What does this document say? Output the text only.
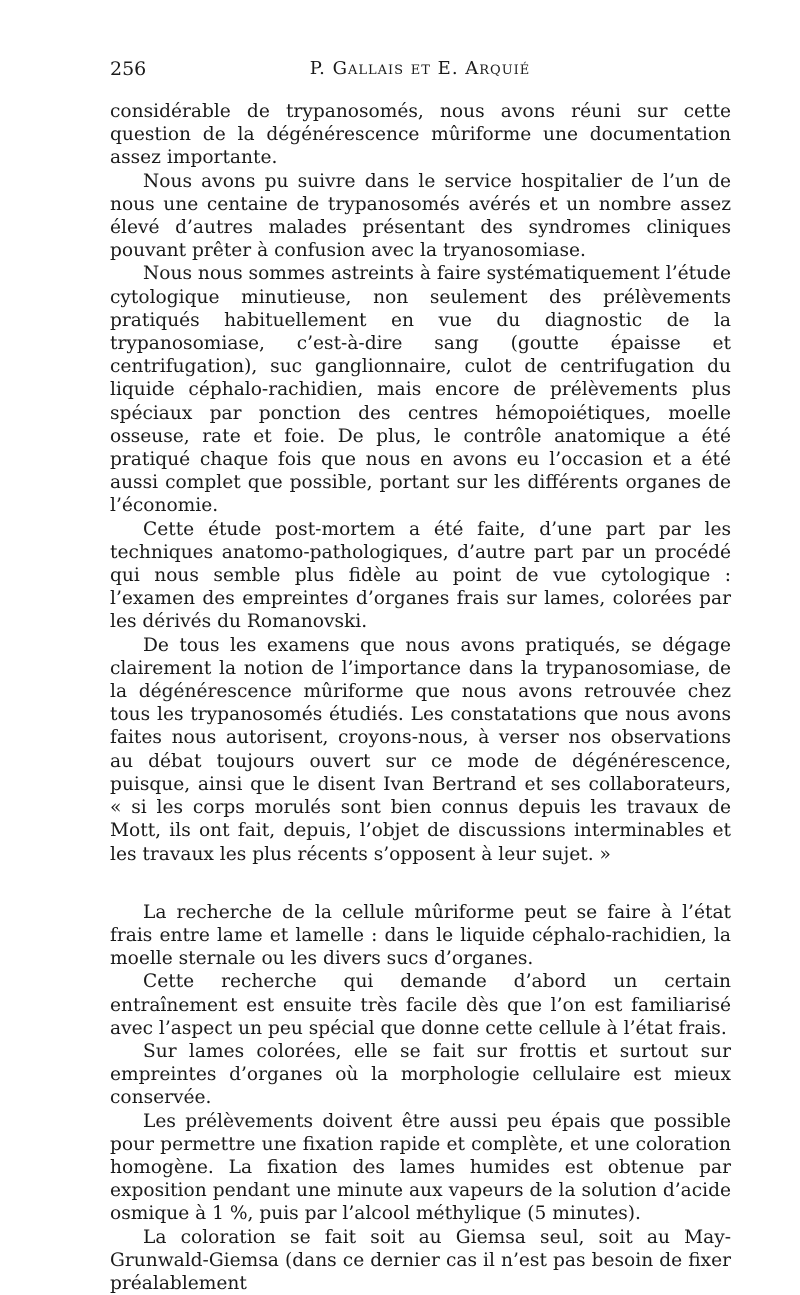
256	P. Gallais et E. Arquié

considérable de trypanosomés, nous avons réuni sur cette question de la dégénérescence mûriforme une documentation assez importante.

Nous avons pu suivre dans le service hospitalier de l’un de nous une centaine de trypanosomés avérés et un nombre assez élevé d’autres malades présentant des syndromes cliniques pouvant prêter à confusion avec la tryanosomiase.

Nous nous sommes astreints à faire systématiquement l’étude cytologique minutieuse, non seulement des prélèvements pratiqués habituellement en vue du diagnostic de la trypanosomiase, c’est-à-dire sang (goutte épaisse et centrifugation), suc ganglionnaire, culot de centrifugation du liquide céphalo-rachidien, mais encore de prélèvements plus spéciaux par ponction des centres hémopoiétiques, moelle osseuse, rate et foie. De plus, le contrôle anatomique a été pratiqué chaque fois que nous en avons eu l’occasion et a été aussi complet que possible, portant sur les différents organes de l’économie.

Cette étude post-mortem a été faite, d’une part par les techniques anatomo-pathologiques, d’autre part par un procédé qui nous semble plus fidèle au point de vue cytologique : l’examen des empreintes d’organes frais sur lames, colorées par les dérivés du Romanovski.

De tous les examens que nous avons pratiqués, se dégage clairement la notion de l’importance dans la trypanosomiase, de la dégénérescence mûriforme que nous avons retrouvée chez tous les trypanosomés étudiés. Les constatations que nous avons faites nous autorisent, croyons-nous, à verser nos observations au débat toujours ouvert sur ce mode de dégénérescence, puisque, ainsi que le disent Ivan Bertrand et ses collaborateurs, « si les corps morulés sont bien connus depuis les travaux de Mott, ils ont fait, depuis, l’objet de discussions interminables et les travaux les plus récents s’opposent à leur sujet. »

La recherche de la cellule mûriforme peut se faire à l’état frais entre lame et lamelle : dans le liquide céphalo-rachidien, la moelle sternale ou les divers sucs d’organes.

Cette recherche qui demande d’abord un certain entraînement est ensuite très facile dès que l’on est familiarisé avec l’aspect un peu spécial que donne cette cellule à l’état frais.

Sur lames colorées, elle se fait sur frottis et surtout sur empreintes d’organes où la morphologie cellulaire est mieux conservée.

Les prélèvements doivent être aussi peu épais que possible pour permettre une fixation rapide et complète, et une coloration homogène. La fixation des lames humides est obtenue par exposition pendant une minute aux vapeurs de la solution d’acide osmique à 1 %, puis par l’alcool méthylique (5 minutes).

La coloration se fait soit au Giemsa seul, soit au May-Grunwald-Giemsa (dans ce dernier cas il n’est pas besoin de fixer préalablement
